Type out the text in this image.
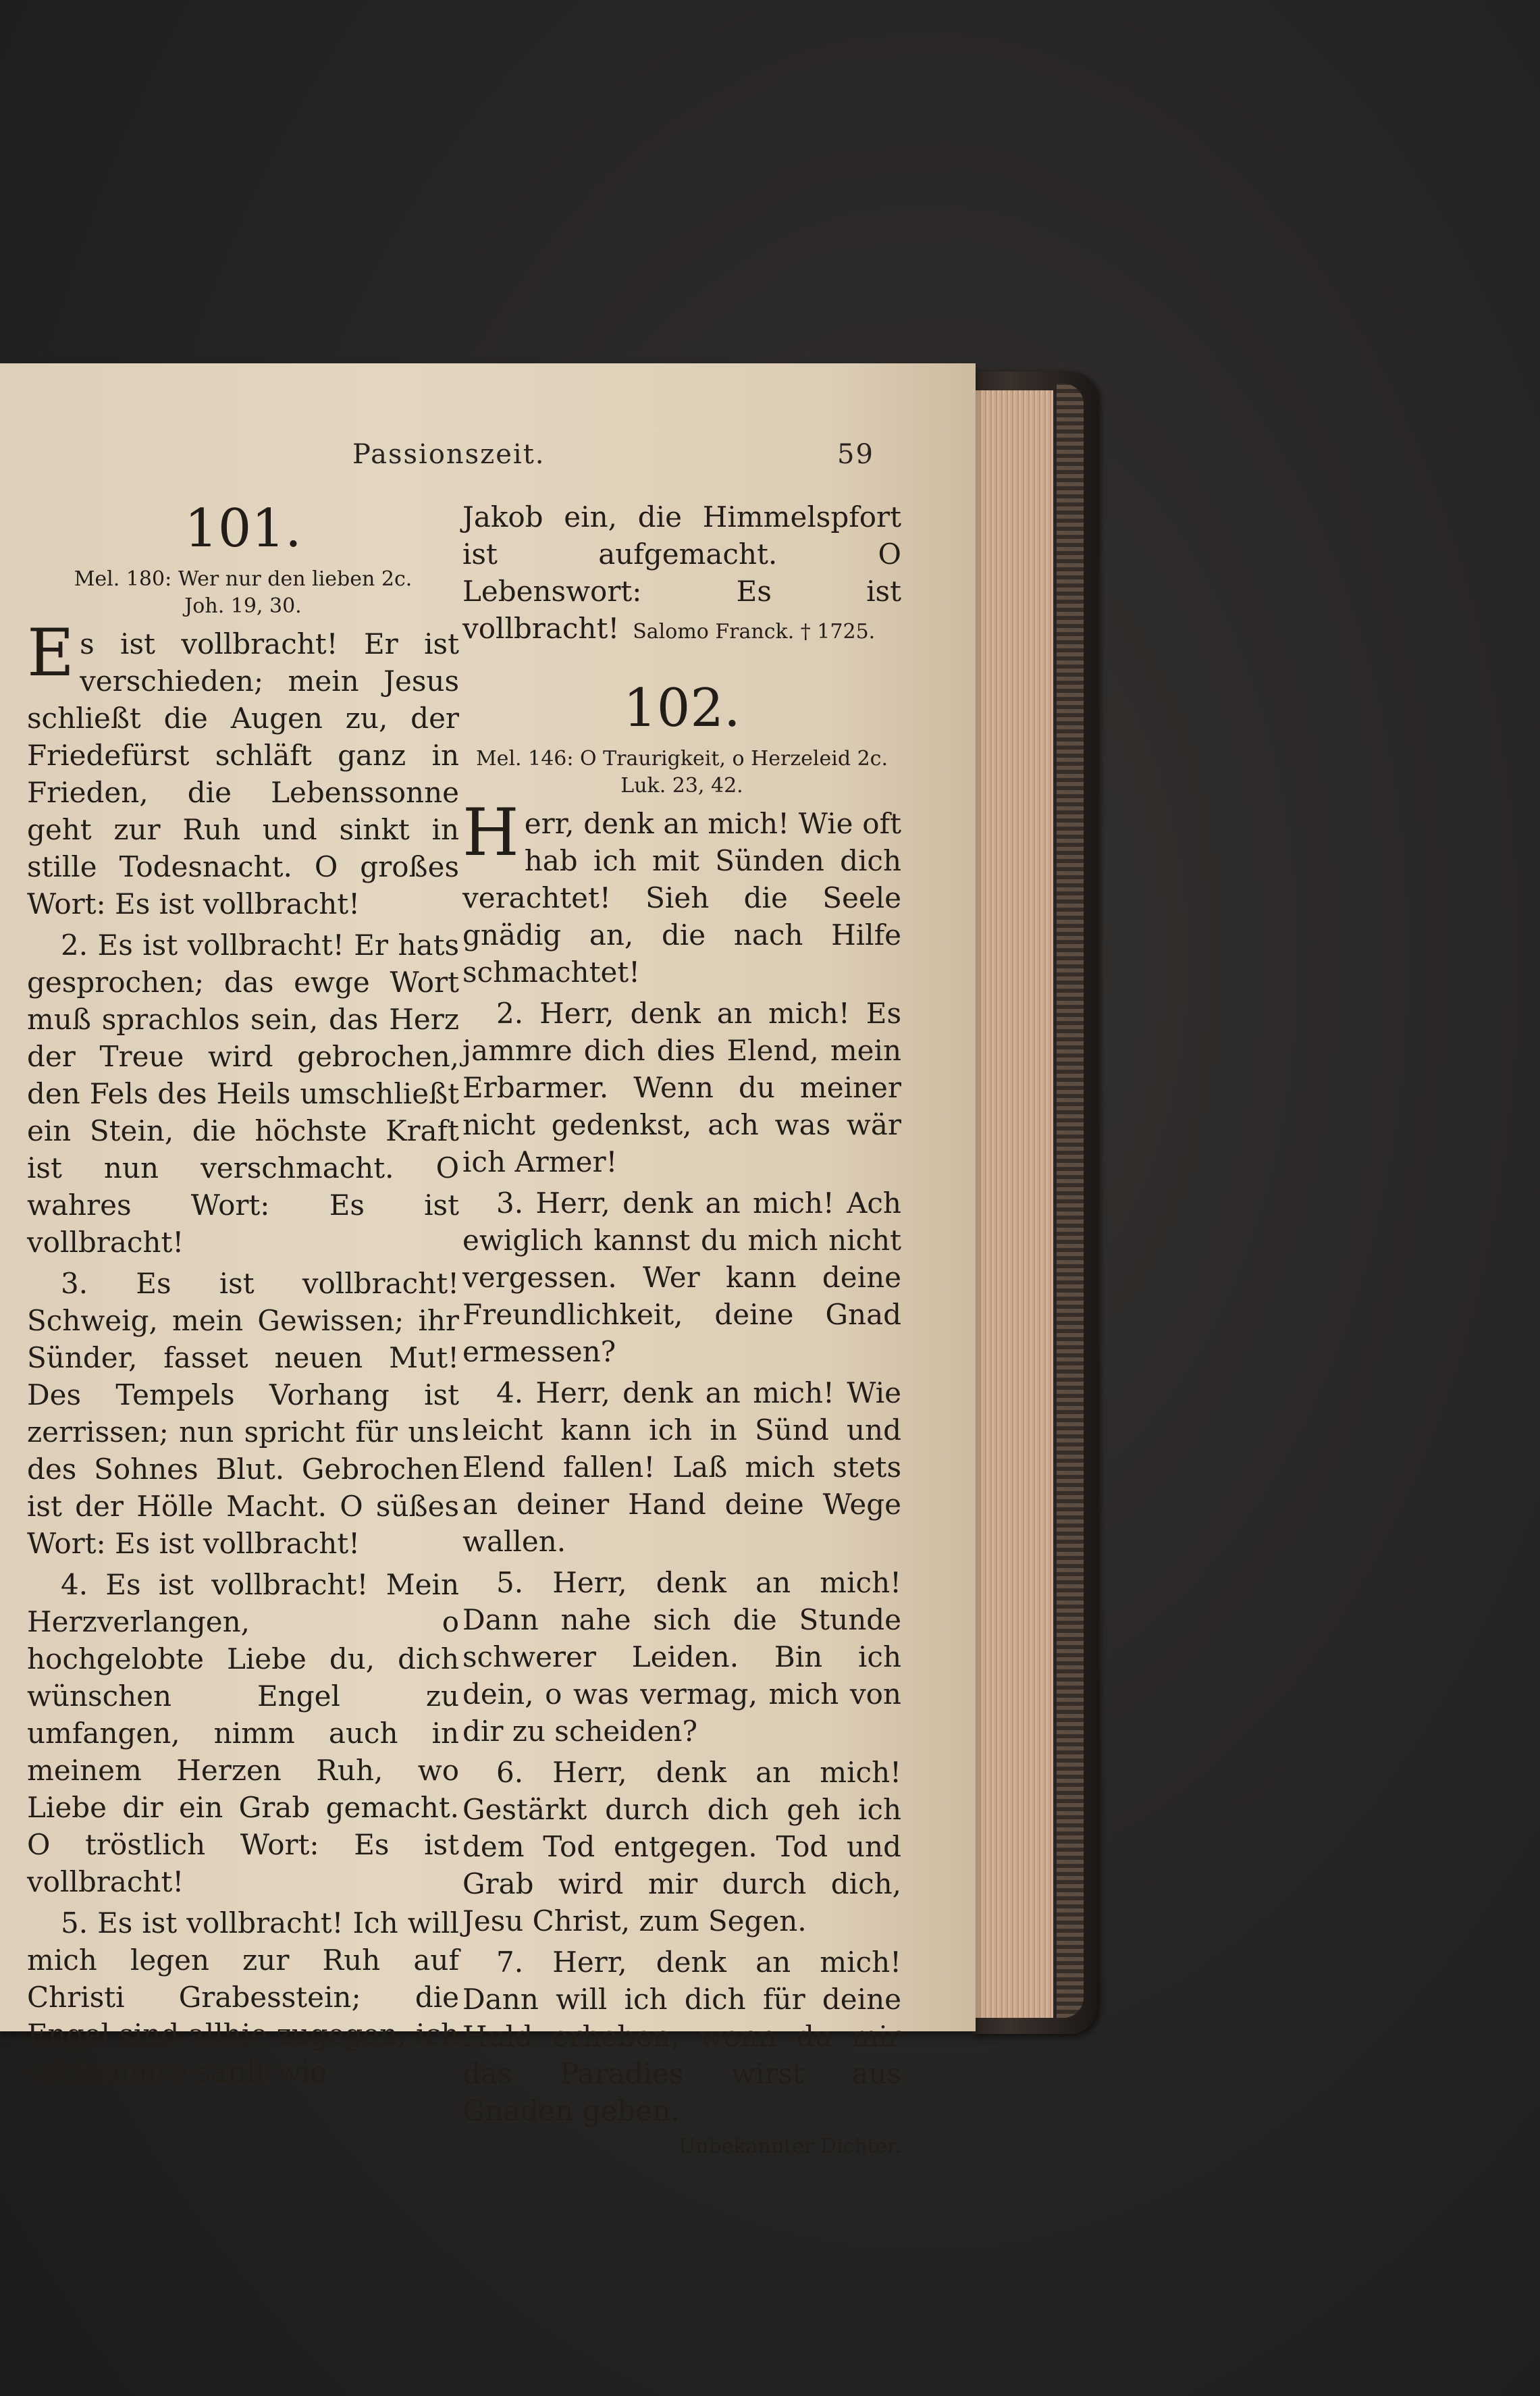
Passionszeit.	59
101.

Mel. 180: Wer nur den lieben 2c.

Joh. 19, 30.

Es ist vollbracht! Er ist verschieden; mein Jesus schließt die Augen zu, der Friedefürst schläft ganz in Frieden, die Lebenssonne geht zur Ruh und sinkt in stille Todesnacht. O großes Wort: Es ist vollbracht!

2. Es ist vollbracht! Er hats gesprochen; das ewge Wort muß sprachlos sein, das Herz der Treue wird gebrochen, den Fels des Heils umschließt ein Stein, die höchste Kraft ist nun verschmacht. O wahres Wort: Es ist vollbracht!

3. Es ist vollbracht! Schweig, mein Gewissen; ihr Sünder, fasset neuen Mut! Des Tempels Vorhang ist zerrissen; nun spricht für uns des Sohnes Blut. Gebrochen ist der Hölle Macht. O süßes Wort: Es ist vollbracht!

4. Es ist vollbracht! Mein Herzverlangen, o hochgelobte Liebe du, dich wünschen Engel zu umfangen, nimm auch in meinem Herzen Ruh, wo Liebe dir ein Grab gemacht. O tröstlich Wort: Es ist vollbracht!

5. Es ist vollbracht! Ich will mich legen zur Ruh auf Christi Grabesstein; die Engel sind allhie zugegen, ich schlummre sanft wie

Jakob ein, die Himmelspfort ist aufgemacht. O Lebenswort: Es ist vollbracht! Salomo Franck. † 1725.

102.

Mel. 146: O Traurigkeit, o Herzeleid 2c.

Luk. 23, 42.

Herr, denk an mich! Wie oft hab ich mit Sünden dich verachtet! Sieh die Seele gnädig an, die nach Hilfe schmachtet!

2. Herr, denk an mich! Es jammre dich dies Elend, mein Erbarmer. Wenn du meiner nicht gedenkst, ach was wär ich Armer!

3. Herr, denk an mich! Ach ewiglich kannst du mich nicht vergessen. Wer kann deine Freundlichkeit, deine Gnad ermessen?

4. Herr, denk an mich! Wie leicht kann ich in Sünd und Elend fallen! Laß mich stets an deiner Hand deine Wege wallen.

5. Herr, denk an mich! Dann nahe sich die Stunde schwerer Leiden. Bin ich dein, o was vermag, mich von dir zu scheiden?

6. Herr, denk an mich! Gestärkt durch dich geh ich dem Tod entgegen. Tod und Grab wird mir durch dich, Jesu Christ, zum Segen.

7. Herr, denk an mich! Dann will ich dich für deine Huld erheben, wenn du mir das Paradies wirst aus Gnaden geben.

Unbekannter Dichter.
